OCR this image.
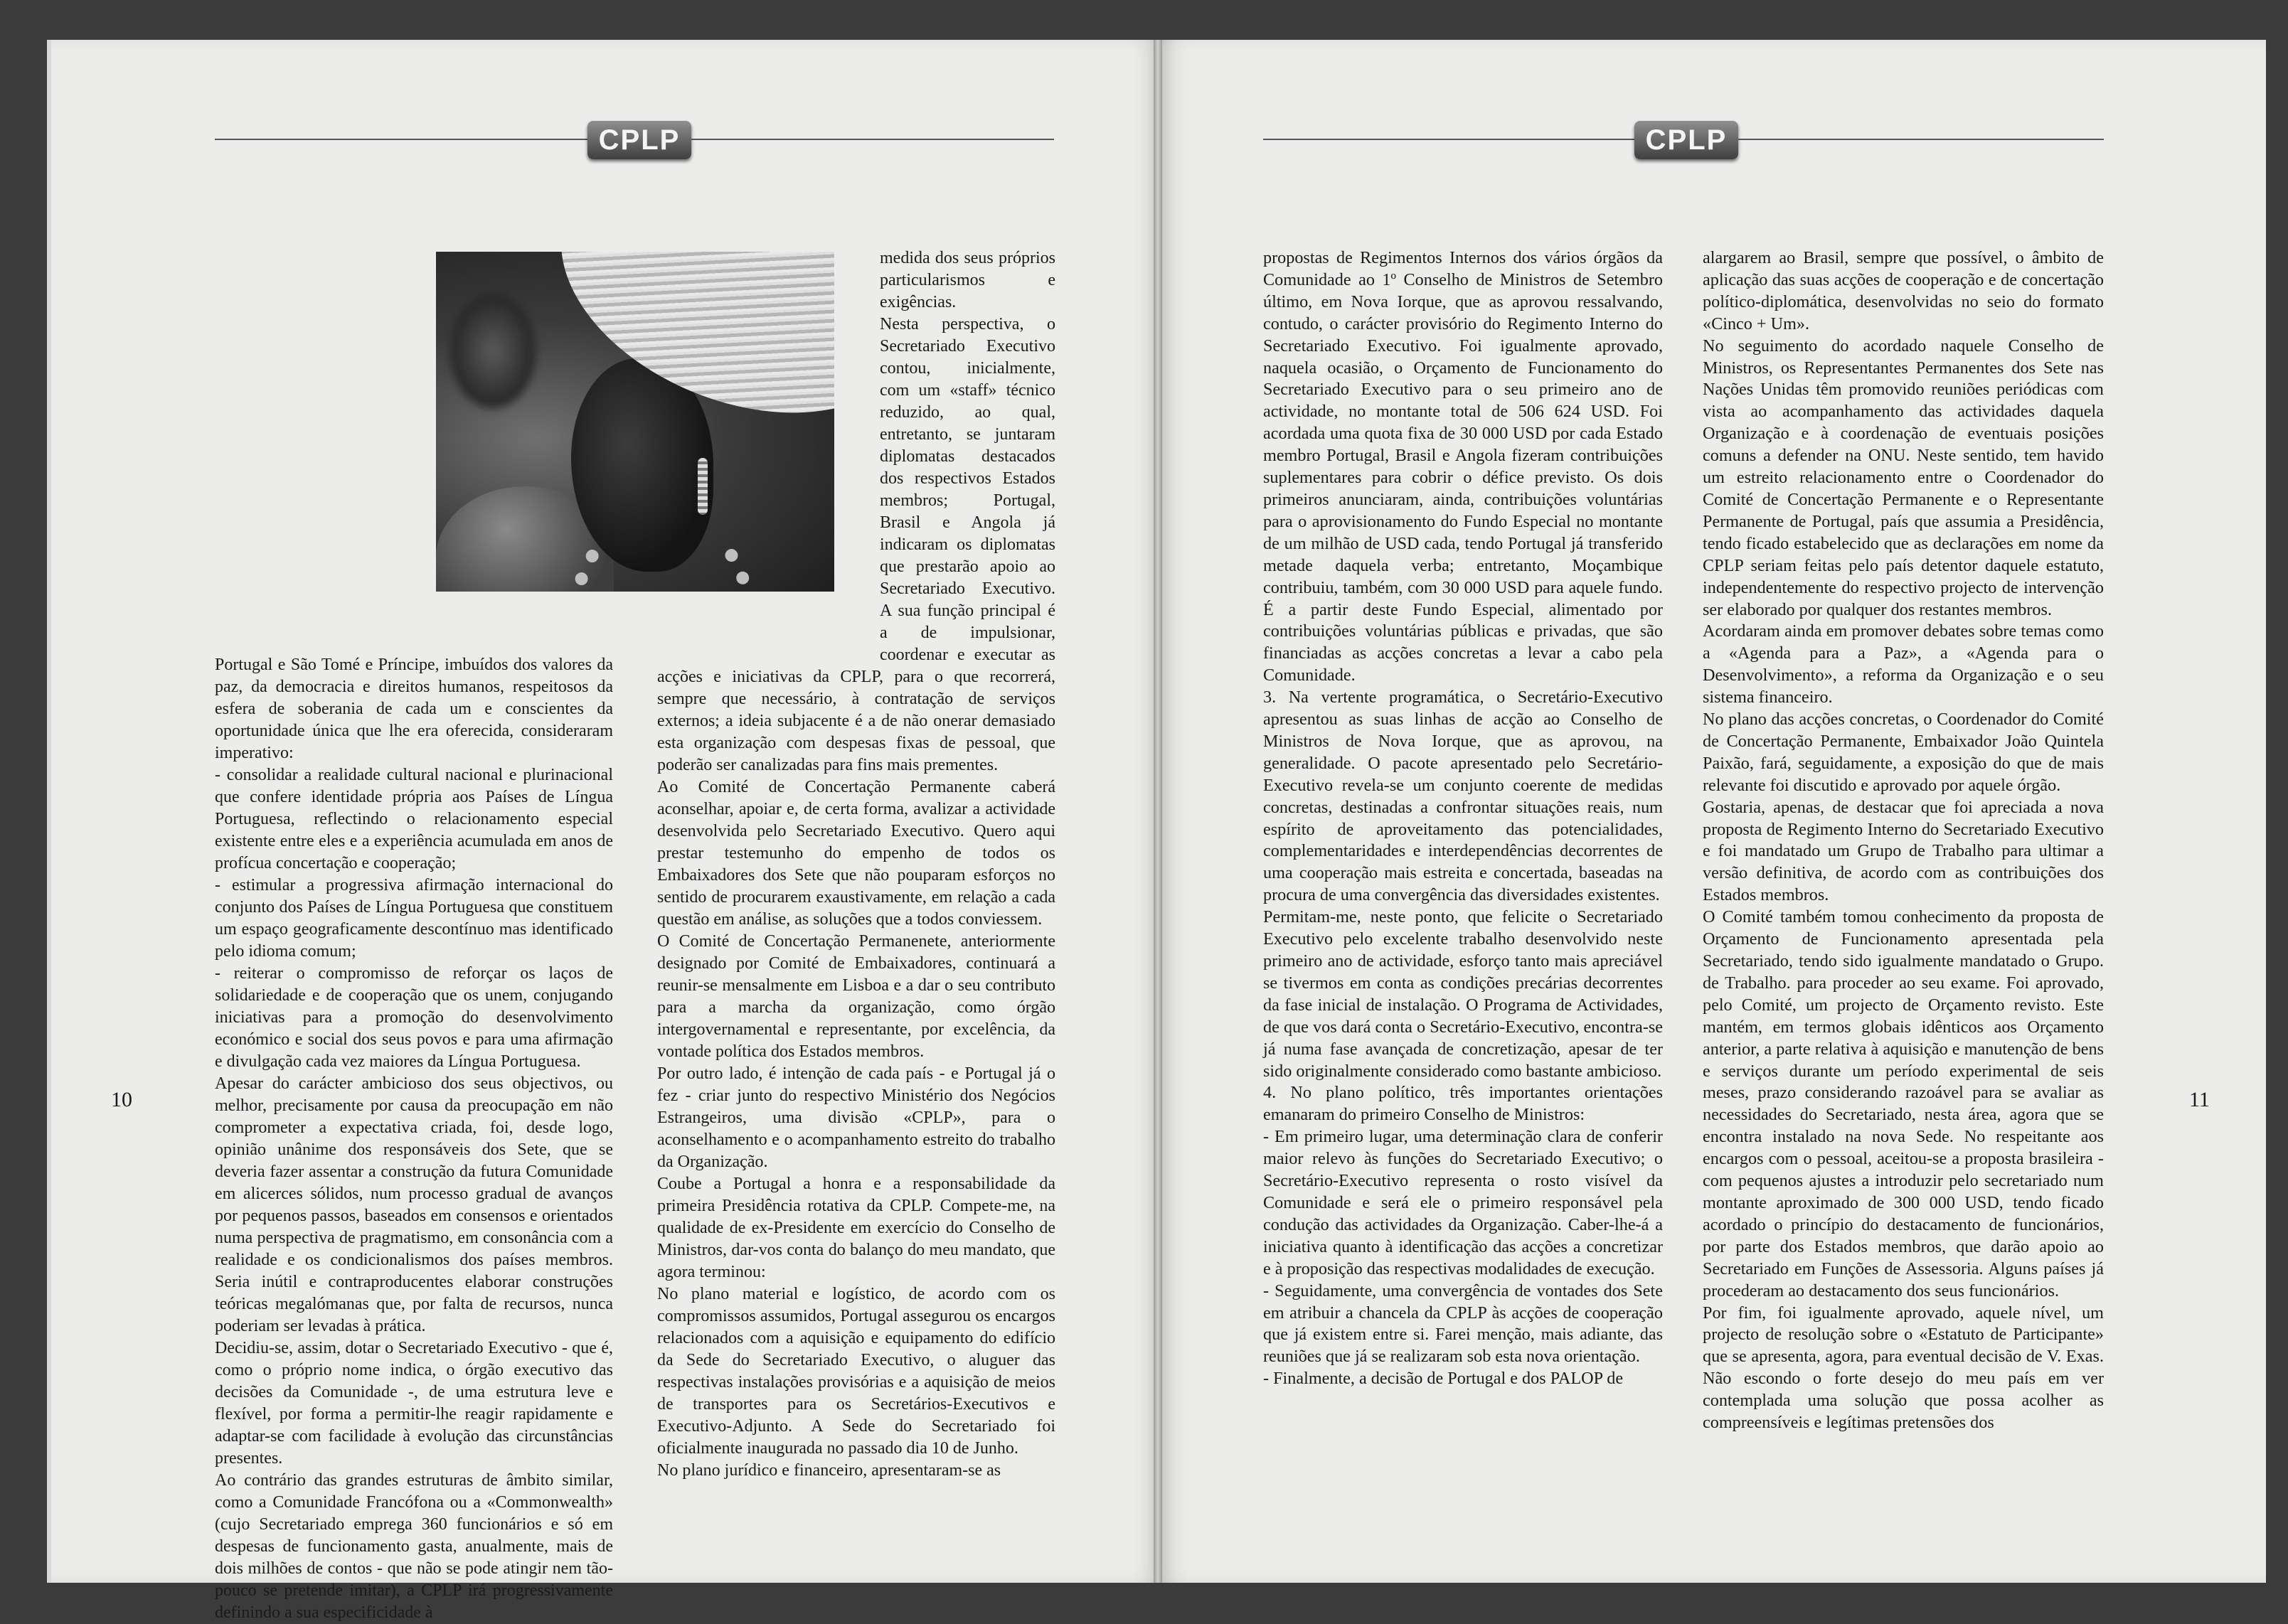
CPLP	CPLP
10	11

Portugal e São Tomé e Príncipe, imbuídos dos valores da paz, da democracia e direitos humanos, respeitosos da esfera de soberania de cada um e conscientes da oportunidade única que lhe era oferecida, consideraram imperativo:

- consolidar a realidade cultural nacional e plurinacional que confere identidade própria aos Países de Língua Portuguesa, reflectindo o relacionamento especial existente entre eles e a experiência acumulada em anos de profícua concertação e cooperação;

- estimular a progressiva afirmação internacional do conjunto dos Países de Língua Portuguesa que constituem um espaço geograficamente descontínuo mas identificado pelo idioma comum;

- reiterar o compromisso de reforçar os laços de solidariedade e de cooperação que os unem, conjugando iniciativas para a promoção do desenvolvimento económico e social dos seus povos e para uma afirmação e divulgação cada vez maiores da Língua Portuguesa.

Apesar do carácter ambicioso dos seus objectivos, ou melhor, precisamente por causa da preocupação em não comprometer a expectativa criada, foi, desde logo, opinião unânime dos responsáveis dos Sete, que se deveria fazer assentar a construção da futura Comunidade em alicerces sólidos, num processo gradual de avanços por pequenos passos, baseados em consensos e orientados numa perspectiva de pragmatismo, em consonância com a realidade e os condicionalismos dos países membros. Seria inútil e contraproducentes elaborar construções teóricas megalómanas que, por falta de recursos, nunca poderiam ser levadas à prática.

Decidiu-se, assim, dotar o Secretariado Executivo - que é, como o próprio nome indica, o órgão executivo das decisões da Comunidade -, de uma estrutura leve e flexível, por forma a permitir-lhe reagir rapidamente e adaptar-se com facilidade à evolução das circunstâncias presentes.

Ao contrário das grandes estruturas de âmbito similar, como a Comunidade Francófona ou a «Commonwealth» (cujo Secretariado emprega 360 funcionários e só em despesas de funcionamento gasta, anualmente, mais de dois milhões de contos - que não se pode atingir nem tão-pouco se pretende imitar), a CPLP irá progressivamente definindo a sua especificidade à

medida dos seus próprios particularismos e exigências.

Nesta perspectiva, o Secretariado Executivo contou, inicialmente, com um «staff» técnico reduzido, ao qual, entretanto, se juntaram diplomatas destacados dos respectivos Estados membros; Portugal, Brasil e Angola já indicaram os diplomatas que prestarão apoio ao Secretariado Executivo. A sua função principal é a de impulsionar, coordenar e executar as acções e iniciativas da CPLP, para o que recorrerá, sempre que necessário, à contratação de serviços externos; a ideia subjacente é a de não onerar demasiado esta organização com despesas fixas de pessoal, que poderão ser canalizadas para fins mais prementes.

Ao Comité de Concertação Permanente caberá aconselhar, apoiar e, de certa forma, avalizar a actividade desenvolvida pelo Secretariado Executivo. Quero aqui prestar testemunho do empenho de todos os Embaixadores dos Sete que não pouparam esforços no sentido de procurarem exaustivamente, em relação a cada questão em análise, as soluções que a todos conviessem.

O Comité de Concertação Permanenete, anteriormente designado por Comité de Embaixadores, continuará a reunir-se mensalmente em Lisboa e a dar o seu contributo para a marcha da organização, como órgão intergovernamental e representante, por excelência, da vontade política dos Estados membros.

Por outro lado, é intenção de cada país - e Portugal já o fez - criar junto do respectivo Ministério dos Negócios Estrangeiros, uma divisão «CPLP», para o aconselhamento e o acompanhamento estreito do trabalho da Organização.

Coube a Portugal a honra e a responsabilidade da primeira Presidência rotativa da CPLP. Compete-me, na qualidade de ex-Presidente em exercício do Conselho de Ministros, dar-vos conta do balanço do meu mandato, que agora terminou:

No plano material e logístico, de acordo com os compromissos assumidos, Portugal assegurou os encargos relacionados com a aquisição e equipamento do edifício da Sede do Secretariado Executivo, o aluguer das respectivas instalações provisórias e a aquisição de meios de transportes para os Secretários-Executivos e Executivo-Adjunto. A Sede do Secretariado foi oficialmente inaugurada no passado dia 10 de Junho.

No plano jurídico e financeiro, apresentaram-se as

propostas de Regimentos Internos dos vários órgãos da Comunidade ao 1º Conselho de Ministros de Setembro último, em Nova Iorque, que as aprovou ressalvando, contudo, o carácter provisório do Regimento Interno do Secretariado Executivo. Foi igualmente aprovado, naquela ocasião, o Orçamento de Funcionamento do Secretariado Executivo para o seu primeiro ano de actividade, no montante total de 506 624 USD. Foi acordada uma quota fixa de 30 000 USD por cada Estado membro Portugal, Brasil e Angola fizeram contribuições suplementares para cobrir o défice previsto. Os dois primeiros anunciaram, ainda, contribuições voluntárias para o aprovisionamento do Fundo Especial no montante de um milhão de USD cada, tendo Portugal já transferido metade daquela verba; entretanto, Moçambique contribuiu, também, com 30 000 USD para aquele fundo. É a partir deste Fundo Especial, alimentado por contribuições voluntárias públicas e privadas, que são financiadas as acções concretas a levar a cabo pela Comunidade.

3. Na vertente programática, o Secretário-Executivo apresentou as suas linhas de acção ao Conselho de Ministros de Nova Iorque, que as aprovou, na generalidade. O pacote apresentado pelo Secretário-Executivo revela-se um conjunto coerente de medidas concretas, destinadas a confrontar situações reais, num espírito de aproveitamento das potencialidades, complementaridades e interdependências decorrentes de uma cooperação mais estreita e concertada, baseadas na procura de uma convergência das diversidades existentes.

Permitam-me, neste ponto, que felicite o Secretariado Executivo pelo excelente trabalho desenvolvido neste primeiro ano de actividade, esforço tanto mais apreciável se tivermos em conta as condições precárias decorrentes da fase inicial de instalação. O Programa de Actividades, de que vos dará conta o Secretário-Executivo, encontra-se já numa fase avançada de concretização, apesar de ter sido originalmente considerado como bastante ambicioso.

4. No plano político, três importantes orientações emanaram do primeiro Conselho de Ministros:

- Em primeiro lugar, uma determinação clara de conferir maior relevo às funções do Secretariado Executivo; o Secretário-Executivo representa o rosto visível da Comunidade e será ele o primeiro responsável pela condução das actividades da Organização. Caber-lhe-á a iniciativa quanto à identificação das acções a concretizar e à proposição das respectivas modalidades de execução.

- Seguidamente, uma convergência de vontades dos Sete em atribuir a chancela da CPLP às acções de cooperação que já existem entre si. Farei menção, mais adiante, das reuniões que já se realizaram sob esta nova orientação.

- Finalmente, a decisão de Portugal e dos PALOP de

alargarem ao Brasil, sempre que possível, o âmbito de aplicação das suas acções de cooperação e de concertação político-diplomática, desenvolvidas no seio do formato «Cinco + Um».

No seguimento do acordado naquele Conselho de Ministros, os Representantes Permanentes dos Sete nas Nações Unidas têm promovido reuniões periódicas com vista ao acompanhamento das actividades daquela Organização e à coordenação de eventuais posições comuns a defender na ONU. Neste sentido, tem havido um estreito relacionamento entre o Coordenador do Comité de Concertação Permanente e o Representante Permanente de Portugal, país que assumia a Presidência, tendo ficado estabelecido que as declarações em nome da CPLP seriam feitas pelo país detentor daquele estatuto, independentemente do respectivo projecto de intervenção ser elaborado por qualquer dos restantes membros.

Acordaram ainda em promover debates sobre temas como a «Agenda para a Paz», a «Agenda para o Desenvolvimento», a reforma da Organização e o seu sistema financeiro.

No plano das acções concretas, o Coordenador do Comité de Concertação Permanente, Embaixador João Quintela Paixão, fará, seguidamente, a exposição do que de mais relevante foi discutido e aprovado por aquele órgão.

Gostaria, apenas, de destacar que foi apreciada a nova proposta de Regimento Interno do Secretariado Executivo e foi mandatado um Grupo de Trabalho para ultimar a versão definitiva, de acordo com as contribuições dos Estados membros.

O Comité também tomou conhecimento da proposta de Orçamento de Funcionamento apresentada pela Secretariado, tendo sido igualmente mandatado o Grupo. de Trabalho. para proceder ao seu exame. Foi aprovado, pelo Comité, um projecto de Orçamento revisto. Este mantém, em termos globais idênticos aos Orçamento anterior, a parte relativa à aquisição e manutenção de bens e serviços durante um período experimental de seis meses, prazo considerando razoável para se avaliar as necessidades do Secretariado, nesta área, agora que se encontra instalado na nova Sede. No respeitante aos encargos com o pessoal, aceitou-se a proposta brasileira - com pequenos ajustes a introduzir pelo secretariado num montante aproximado de 300 000 USD, tendo ficado acordado o princípio do destacamento de funcionários, por parte dos Estados membros, que darão apoio ao Secretariado em Funções de Assessoria. Alguns países já procederam ao destacamento dos seus funcionários.

Por fim, foi igualmente aprovado, aquele nível, um projecto de resolução sobre o «Estatuto de Participante» que se apresenta, agora, para eventual decisão de V. Exas. Não escondo o forte desejo do meu país em ver contemplada uma solução que possa acolher as compreensíveis e legítimas pretensões dos
